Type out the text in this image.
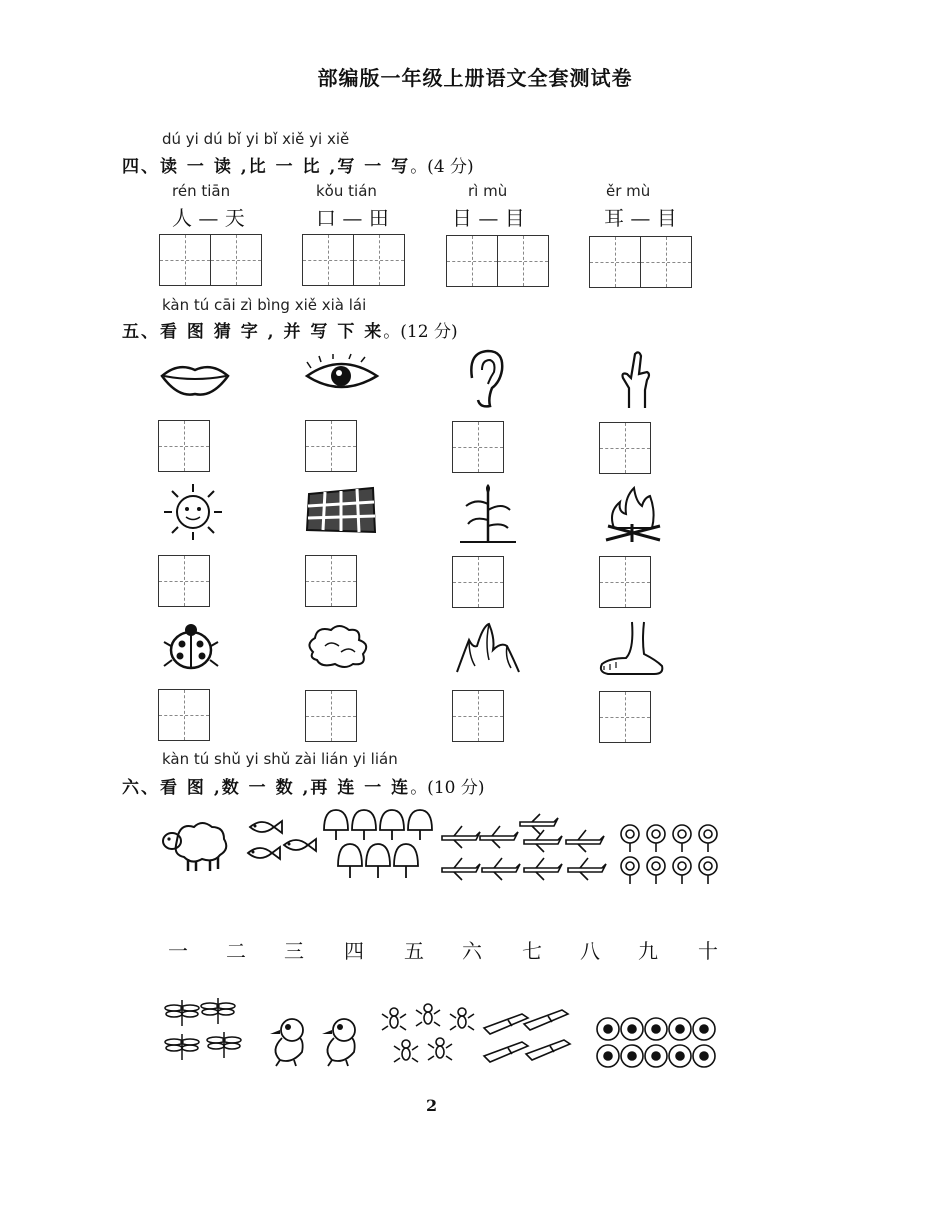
部编版一年级上册语文全套测试卷
dú yi dú bǐ yi bǐ xiě yi xiě
四、读 一 读 ,比 一 比 ,写 一 写。(4 分)
rén tiān
人 — 天
kǒu tián
口 — 田
rì mù
日 — 目
ěr mù
耳 — 目
kàn tú cāi zì bìng xiě xià lái
五、看 图 猜 字 , 并 写 下 来。(12 分)
kàn tú shǔ yi shǔ zài lián yi lián
六、看 图 ,数 一 数 ,再 连 一 连。(10 分)
一 二 三 四 五 六 七 八 九 十
2
